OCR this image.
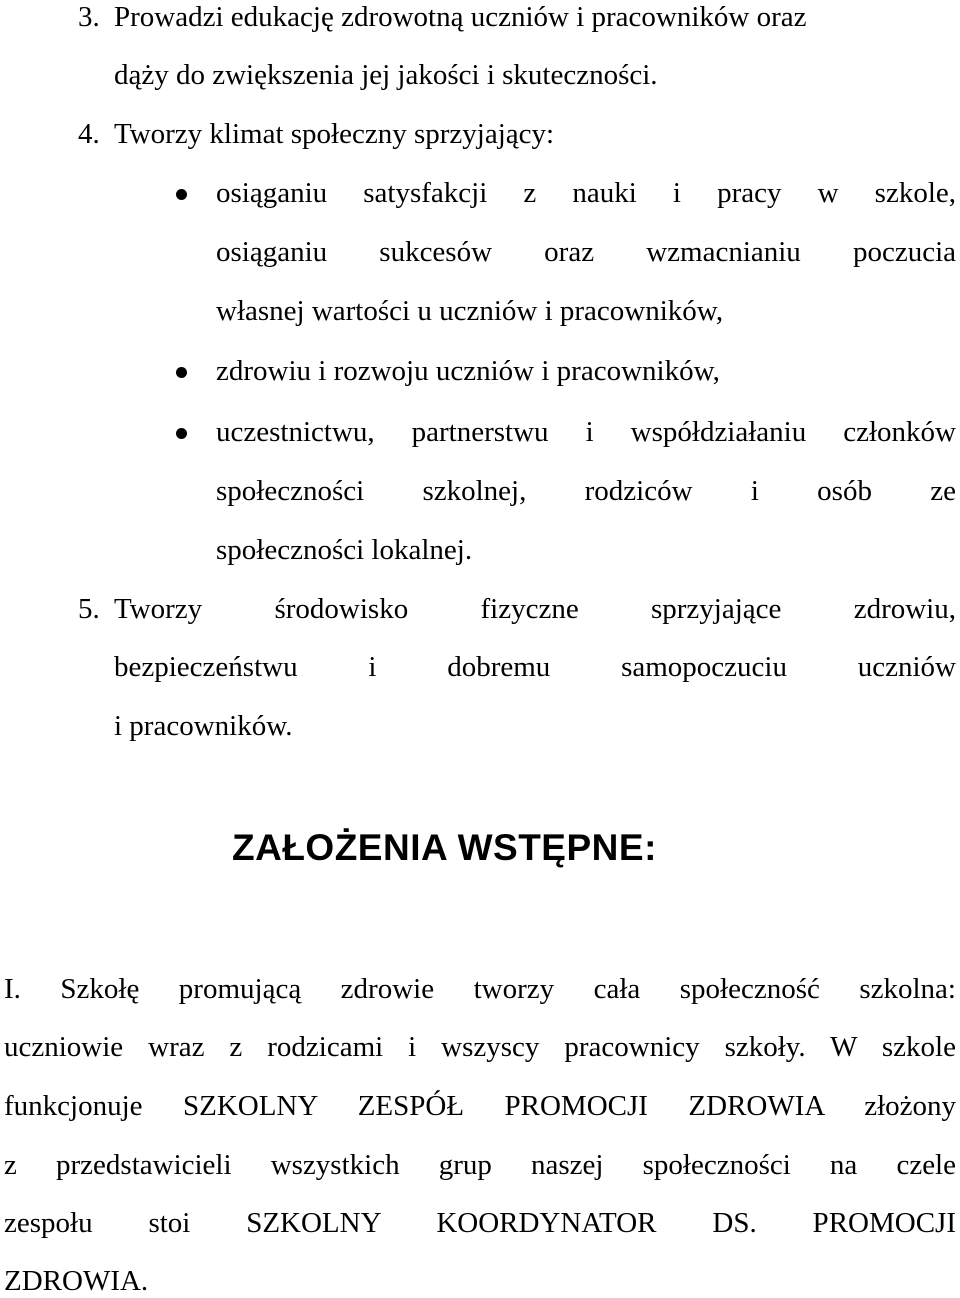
3. Prowadzi edukację zdrowotną uczniów i pracowników oraz
dąży do zwiększenia jej jakości i skuteczności.
4. Tworzy klimat społeczny sprzyjający:
osiąganiu satysfakcji z nauki i pracy w szkole,
osiąganiu sukcesów oraz wzmacnianiu poczucia
własnej wartości u uczniów i pracowników,
zdrowiu i rozwoju uczniów i pracowników,
uczestnictwu, partnerstwu i współdziałaniu członków
społeczności szkolnej, rodziców i osób ze
społeczności lokalnej.
5. Tworzy środowisko fizyczne sprzyjające zdrowiu,
bezpieczeństwu i dobremu samopoczuciu uczniów
i pracowników.
ZAŁOŻENIA WSTĘPNE:
I. Szkołę promującą zdrowie tworzy cała społeczność szkolna:
uczniowie wraz z rodzicami i wszyscy pracownicy szkoły. W szkole
funkcjonuje SZKOLNY ZESPÓŁ PROMOCJI ZDROWIA złożony
z przedstawicieli wszystkich grup naszej społeczności na czele
zespołu stoi SZKOLNY KOORDYNATOR DS. PROMOCJI
ZDROWIA.
